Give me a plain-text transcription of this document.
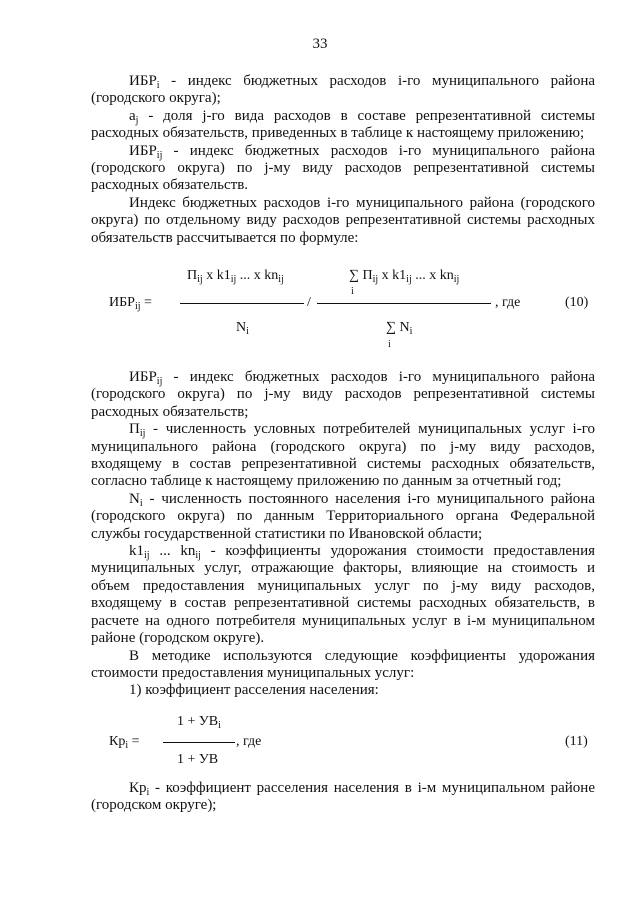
33

$ИБР_i$ - индекс бюджетных расходов i-го муниципального района (городского округа);

$a_j$ - доля j-го вида расходов в составе репрезентативной системы расходных обязательств, приведенных в таблице к настоящему приложению;

$ИБР_{ij}$ - индекс бюджетных расходов i-го муниципального района (городского округа) по j-му виду расходов репрезентативной системы расходных обязательств.

Индекс бюджетных расходов i-го муниципального района (городского округа) по отдельному виду расходов репрезентативной системы расходных обязательств рассчитывается по формуле:

$П_{ij}$ x $k1_{ij}$ ... x $kn_{ij}$	∑ $П_{ij}$ x $k1_{ij}$ ... x $kn_{ij}$
i
$ИБР_{ij}$ =	/	, где	(10)
$N_i$	∑ $N_i$
i

$ИБР_{ij}$ - индекс бюджетных расходов i-го муниципального района (городского округа) по j-му виду расходов репрезентативной системы расходных обязательств;

$П_{ij}$ - численность условных потребителей муниципальных услуг i-го муниципального района (городского округа) по j-му виду расходов, входящему в состав репрезентативной системы расходных обязательств, согласно таблице к настоящему приложению по данным за отчетный год;

$N_i$ - численность постоянного населения i-го муниципального района (городского округа) по данным Территориального органа Федеральной службы государственной статистики по Ивановской области;

$k1_{ij}$ ... $kn_{ij}$ - коэффициенты удорожания стоимости предоставления муниципальных услуг, отражающие факторы, влияющие на стоимость и объем предоставления муниципальных услуг по j-му виду расходов, входящему в состав репрезентативной системы расходных обязательств, в расчете на одного потребителя муниципальных услуг в i-м муниципальном районе (городском округе).

В методике используются следующие коэффициенты удорожания стоимости предоставления муниципальных услуг:

1) коэффициент расселения населения:

$1 + УВ_i$
$Кр_i$ =	, где	(11)
1 + УВ

$Кр_i$ - коэффициент расселения населения в i-м муниципальном районе (городском округе);
